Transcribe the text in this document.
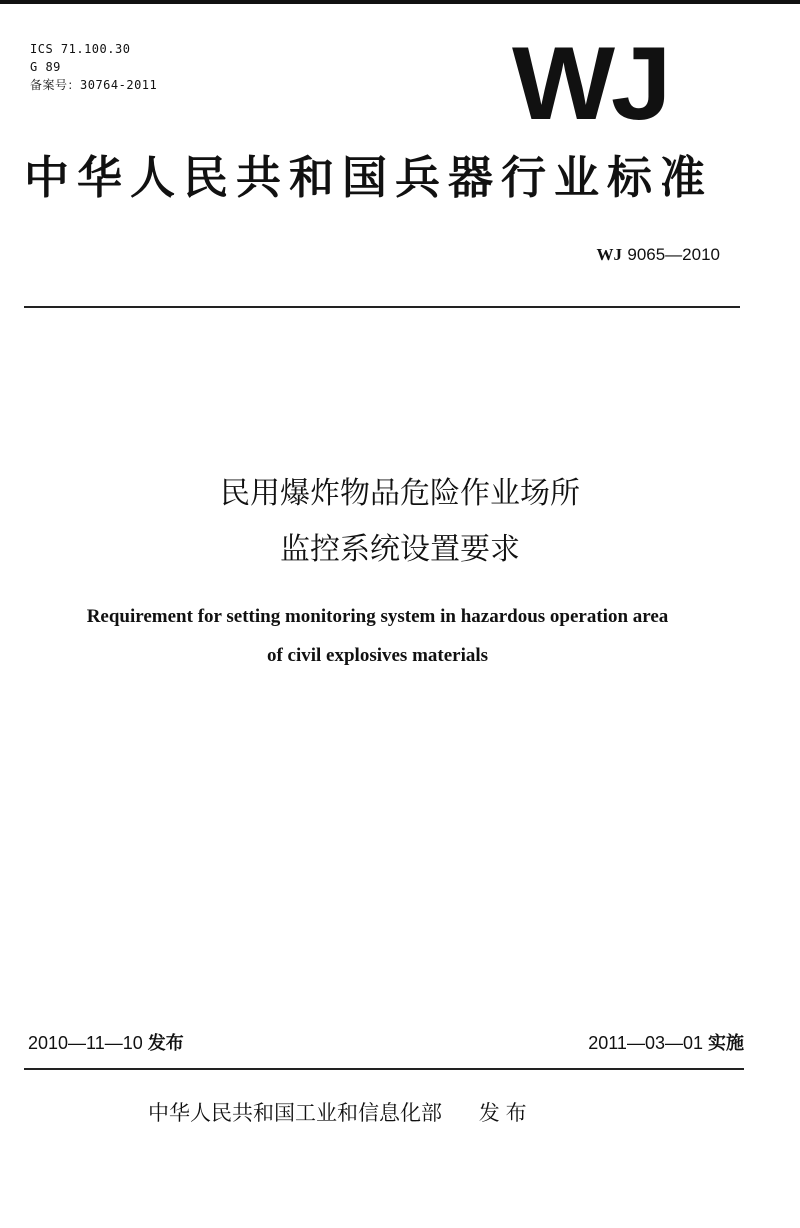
ICS 71.100.30
G 89
备案号：30764-2011	WJ
中华人民共和国兵器行业标准
WJ 9065—2010
民用爆炸物品危险作业场所
监控系统设置要求
Requirement for setting monitoring system in hazardous operation area
of civil explosives materials
2010—11—10 发布	2011—03—01 实施
中华人民共和国工业和信息化部 发布
